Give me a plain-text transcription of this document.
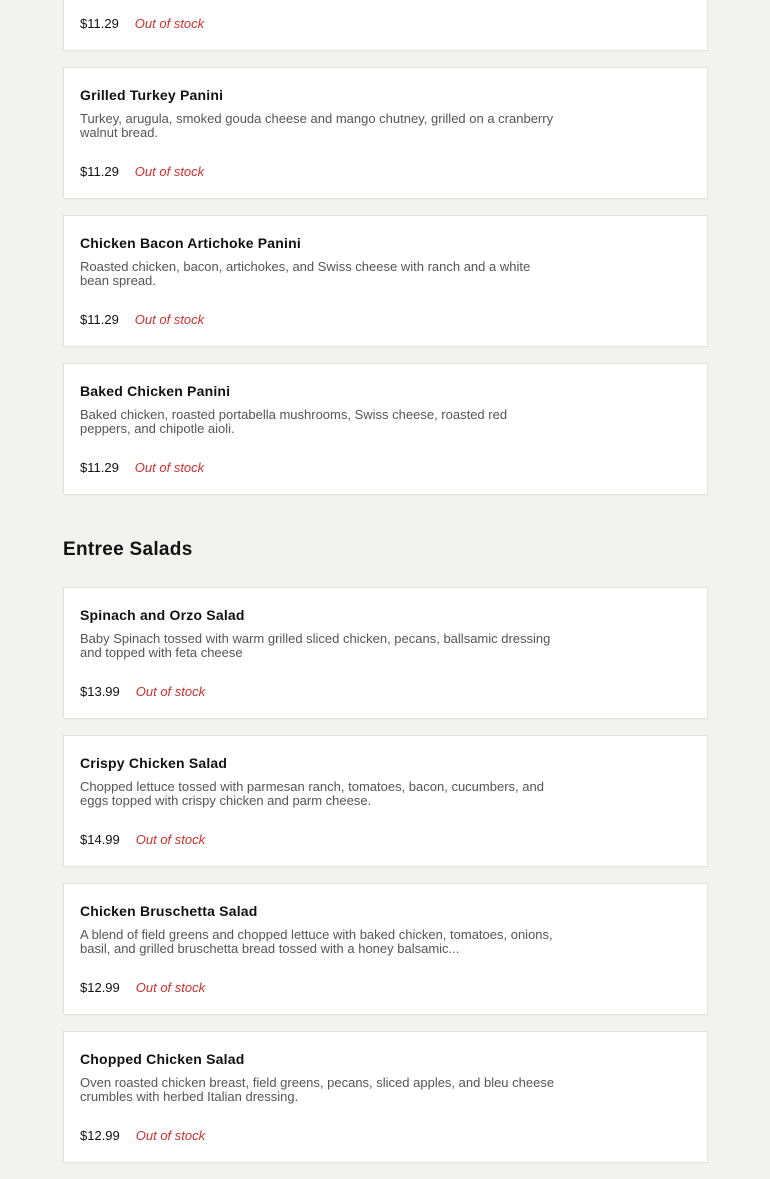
$11.29 Out of stock
Grilled Turkey Panini
Turkey, arugula, smoked gouda cheese and mango chutney, grilled on a cranberry walnut bread.
$11.29 Out of stock
Chicken Bacon Artichoke Panini
Roasted chicken, bacon, artichokes, and Swiss cheese with ranch and a white bean spread.
$11.29 Out of stock
Baked Chicken Panini
Baked chicken, roasted portabella mushrooms, Swiss cheese, roasted red peppers, and chipotle aioli.
$11.29 Out of stock
Entree Salads
Spinach and Orzo Salad
Baby Spinach tossed with warm grilled sliced chicken, pecans, ballsamic dressing and topped with feta cheese
$13.99 Out of stock
Crispy Chicken Salad
Chopped lettuce tossed with parmesan ranch, tomatoes, bacon, cucumbers, and eggs topped with crispy chicken and parm cheese.
$14.99 Out of stock
Chicken Bruschetta Salad
A blend of field greens and chopped lettuce with baked chicken, tomatoes, onions, basil, and grilled bruschetta bread tossed with a honey balsamic...
$12.99 Out of stock
Chopped Chicken Salad
Oven roasted chicken breast, field greens, pecans, sliced apples, and bleu cheese crumbles with herbed Italian dressing.
$12.99 Out of stock
